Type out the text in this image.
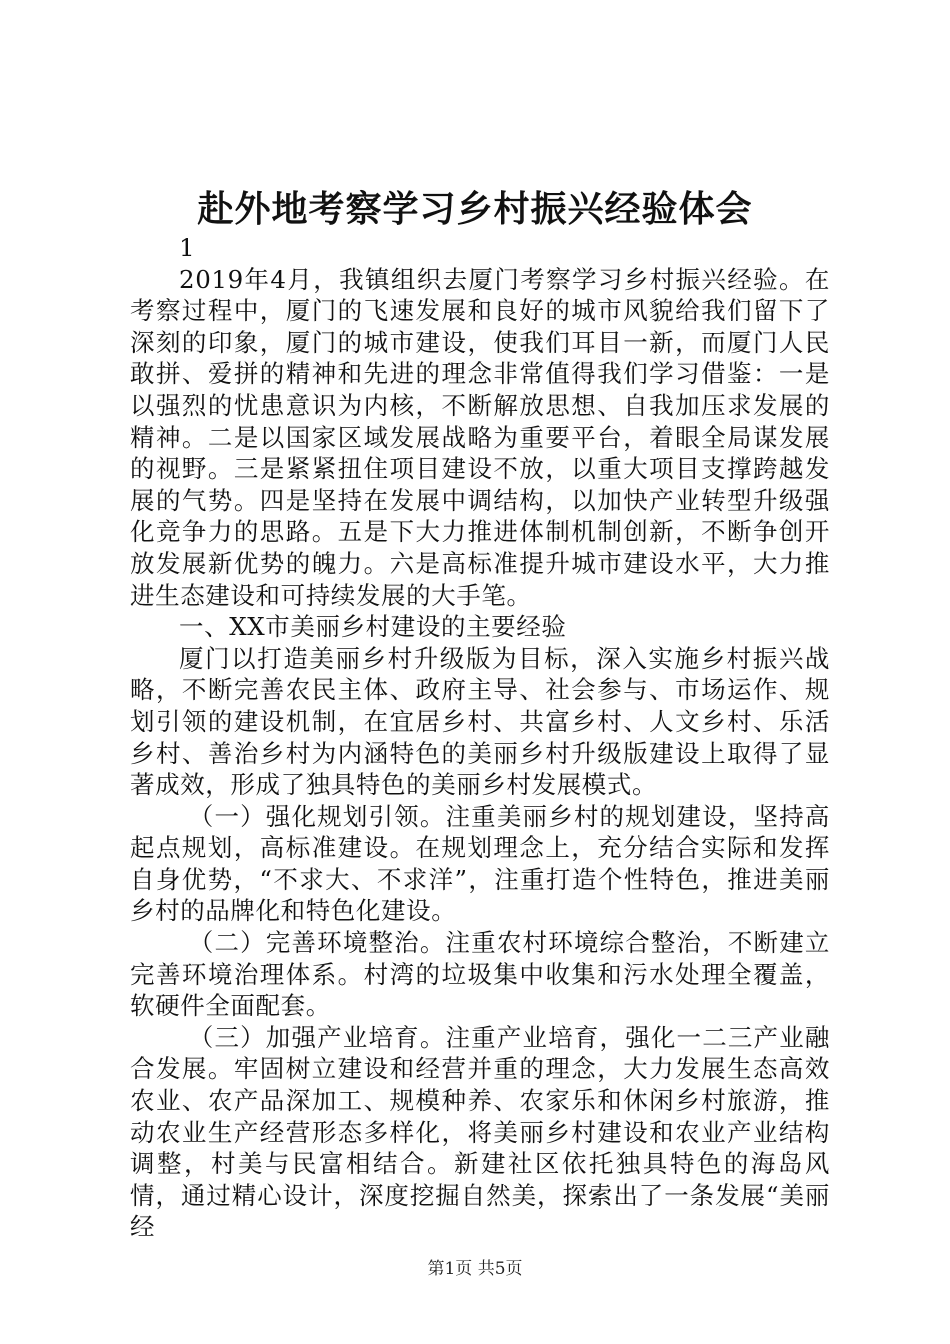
赴外地考察学习乡村振兴经验体会

1

2019年4月，我镇组织去厦门考察学习乡村振兴经验。在考察过程中，厦门的飞速发展和良好的城市风貌给我们留下了深刻的印象，厦门的城市建设，使我们耳目一新，而厦门人民敢拼、爱拼的精神和先进的理念非常值得我们学习借鉴：一是以强烈的忧患意识为内核，不断解放思想、自我加压求发展的精神。二是以国家区域发展战略为重要平台，着眼全局谋发展的视野。三是紧紧扭住项目建设不放，以重大项目支撑跨越发展的气势。四是坚持在发展中调结构，以加快产业转型升级强化竞争力的思路。五是下大力推进体制机制创新，不断争创开放发展新优势的魄力。六是高标准提升城市建设水平，大力推进生态建设和可持续发展的大手笔。

一、XX市美丽乡村建设的主要经验

厦门以打造美丽乡村升级版为目标，深入实施乡村振兴战略，不断完善农民主体、政府主导、社会参与、市场运作、规划引领的建设机制，在宜居乡村、共富乡村、人文乡村、乐活乡村、善治乡村为内涵特色的美丽乡村升级版建设上取得了显著成效，形成了独具特色的美丽乡村发展模式。

（一）强化规划引领。注重美丽乡村的规划建设，坚持高起点规划，高标准建设。在规划理念上，充分结合实际和发挥自身优势，“不求大、不求洋”，注重打造个性特色，推进美丽乡村的品牌化和特色化建设。

（二）完善环境整治。注重农村环境综合整治，不断建立完善环境治理体系。村湾的垃圾集中收集和污水处理全覆盖，软硬件全面配套。

（三）加强产业培育。注重产业培育，强化一二三产业融合发展。牢固树立建设和经营并重的理念，大力发展生态高效农业、农产品深加工、规模种养、农家乐和休闲乡村旅游，推动农业生产经营形态多样化，将美丽乡村建设和农业产业结构调整，村美与民富相结合。新建社区依托独具特色的海岛风情，通过精心设计，深度挖掘自然美，探索出了一条发展“美丽经

第1页 共5页
